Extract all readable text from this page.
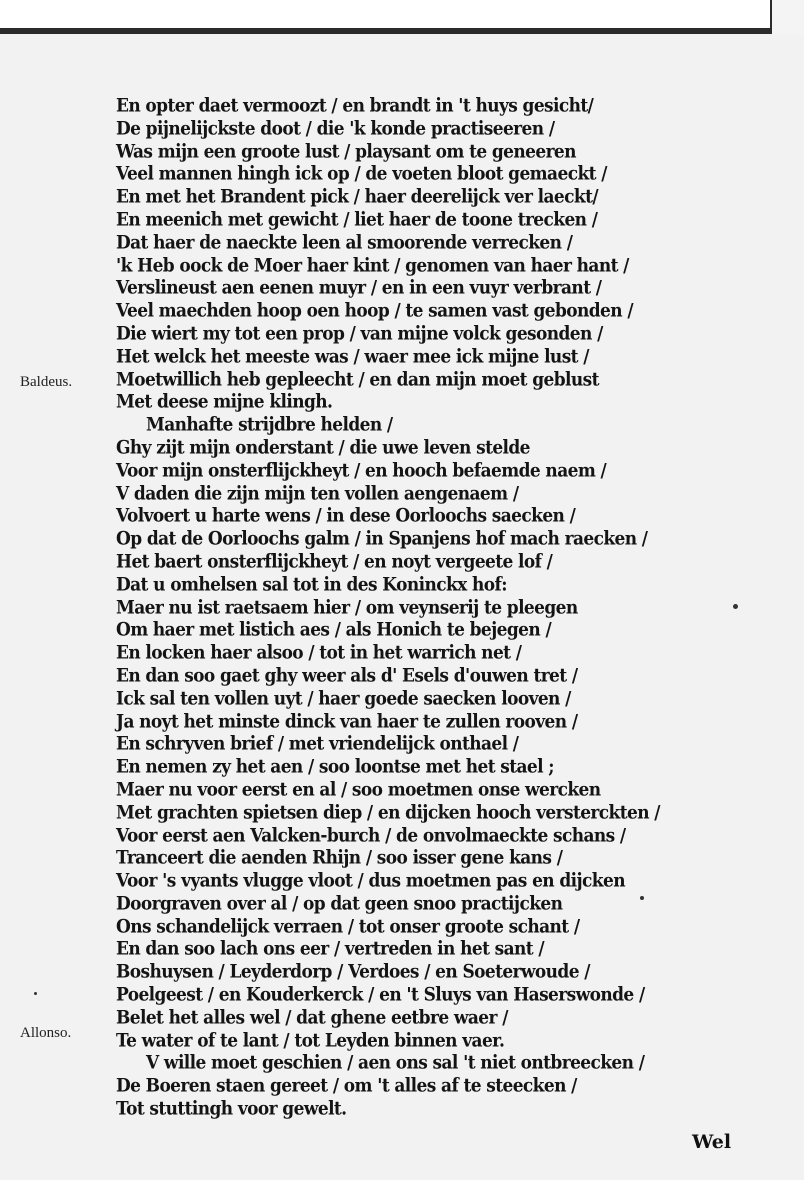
En opter daet vermoozt / en brandt in 't huys gesicht/
De pijnelijckste doot / die 'k konde practiseeren /
Was mijn een groote lust / playsant om te geneeren
Veel mannen hingh ick op / de voeten bloot gemaeckt /
En met het Brandent pick / haer deerelijck ver laeckt/
En meenich met gewicht / liet haer de toone trecken /
Dat haer de naeckte leen al smoorende verrecken /
'k Heb oock de Moer haer kint / genomen van haer hant /
Verslineust aen eenen muyr / en in een vuyr verbrant /
Veel maechden hoop oen hoop / te samen vast gebonden /
Die wiert my tot een prop / van mijne volck gesonden /
Het welck het meeste was / waer mee ick mijne lust /
Moetwillich heb gepleecht / en dan mijn moet geblust
Met deese mijne klingh.
Manhafte strijdbre helden /
Ghy zijt mijn onderstant / die uwe leven stelde
Voor mijn onsterflijckheyt / en hooch befaemde naem /
V daden die zijn mijn ten vollen aengenaem /
Volvoert u harte wens / in dese Oorloochs saecken /
Op dat de Oorloochs galm / in Spanjens hof mach raecken /
Het baert onsterflijckheyt / en noyt vergeete lof /
Dat u omhelsen sal tot in des Koninckx hof:
Maer nu ist raetsaem hier / om veynserij te pleegen
Om haer met listich aes / als Honich te bejegen /
En locken haer alsoo / tot in het warrich net /
En dan soo gaet ghy weer als d' Esels d'ouwen tret /
Ick sal ten vollen uyt / haer goede saecken looven /
Ja noyt het minste dinck van haer te zullen rooven /
En schryven brief / met vriendelijck onthael /
En nemen zy het aen / soo loontse met het stael ;
Maer nu voor eerst en al / soo moetmen onse wercken
Met grachten spietsen diep / en dijcken hooch versterckten /
Voor eerst aen Valcken-burch / de onvolmaeckte schans /
Tranceert die aenden Rhijn / soo isser gene kans /
Voor 's vyants vlugge vloot / dus moetmen pas en dijcken
Doorgraven over al / op dat geen snoo practijcken
Ons schandelijck verraen / tot onser groote schant /
En dan soo lach ons eer / vertreden in het sant /
Boshuysen / Leyderdorp / Verdoes / en Soeterwoude /
Poelgeest / en Kouderkerck / en 't Sluys van Haserswonde /
Belet het alles wel / dat ghene eetbre waer /
Te water of te lant / tot Leyden binnen vaer.
V wille moet geschien / aen ons sal 't niet ontbreecken /
De Boeren staen gereet / om 't alles af te steecken /
Tot stuttingh voor gewelt.
Baldeus.
Allonso.
Wel
